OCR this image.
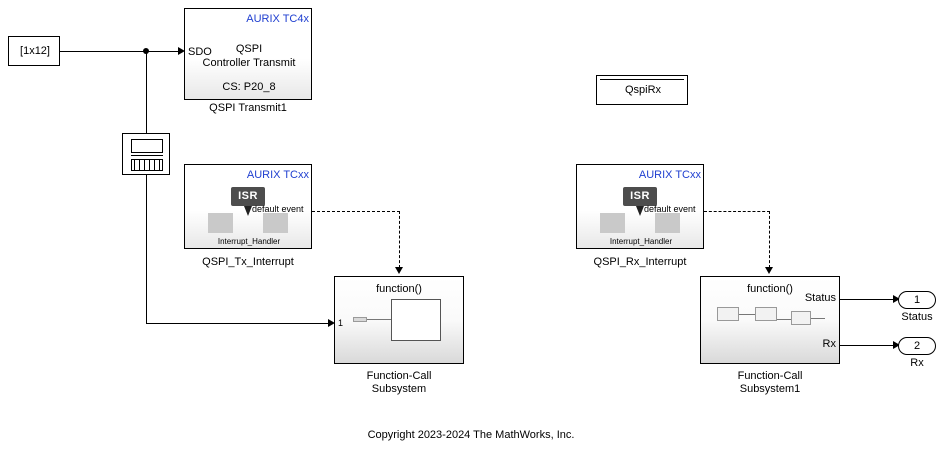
[1x12]
AURIX TC4x
QSPI
Controller Transmit
CS: P20_8
SDO
QSPI Transmit1
QspiRx
AURIX TCxx
ISR
Interrupt_Handler
default event
QSPI_Tx_Interrupt
function()
1
Function-Call
Subsystem
AURIX TCxx
ISR
Interrupt_Handler
default event
QSPI_Rx_Interrupt
function()
Status
Rx
Function-Call
Subsystem1
1
Status
2
Rx
Copyright 2023-2024 The MathWorks, Inc.
